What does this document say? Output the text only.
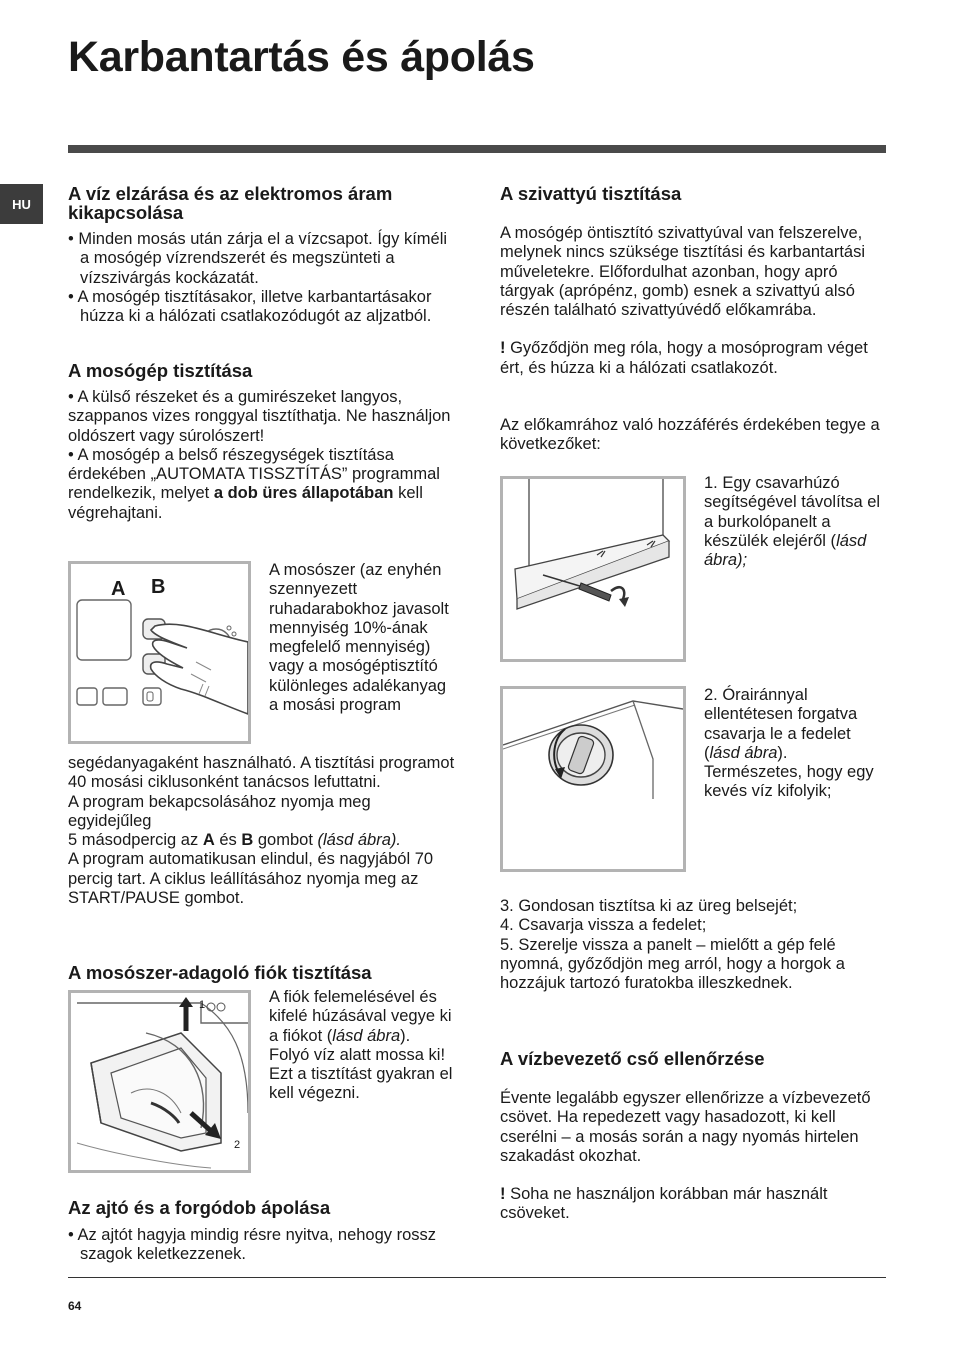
Karbantartás és ápolás
HU	A víz elzárása és az elektromos áram kikapcsolása

• Minden mosás után zárja el a vízcsapot. Így kíméli a mosógép vízrendszerét és megszünteti a vízszivárgás kockázatát.

• A mosógép tisztításakor, illetve karbantartásakor húzza ki a hálózati csatlakozódugót az aljzatból.

A mosógép tisztításа

• A külső részeket és a gumirészeket langyos, szappanos vizes ronggyal tisztíthatja. Ne használjon oldószert vagy súrolószert!

• A mosógép a belső részegységek tisztítása érdekében „AUTOMATA TISSZTÍTÁS” programmal rendelkezik, melyet a dob üres állapotában kell végrehajtani.

A B

A mosószer (az enyhén szennyezett ruhadarabokhoz javasolt mennyiség 10%-ának megfelelő mennyiség) vagy a mosógéptisztító különleges adalékanyag a mosási program

segédanyagaként használható. A tisztítási programot 40 mosási ciklusonként tanácsos lefuttatni.

A program bekapcsolásához nyomja meg egyidejűleg

5 másodpercig az A és B gombot (lásd ábra).

A program automatikusan elindul, és nagyjából 70 percig tart. A ciklus leállításához nyomja meg az START/PAUSE gombot.

A mosószer-adagoló fiók tisztítása
1
2

A fiók felemelésével és kifelé húzásával vegye ki a fiókot (lásd ábra).

Folyó víz alatt mossa ki! Ezt a tisztítást gyakran el kell végezni.

Az ajtó és a forgódob ápolása

• Az ajtót hagyja mindig résre nyitva, nehogy rossz szagok keletkezzenek.

A szivattyú tisztítása

A mosógép öntisztító szivattyúval van felszerelve, melynek nincs szüksége tisztítási és karbantartási műveletekre. Előfordulhat azonban, hogy apró tárgyak (aprópénz, gomb) esnek a szivattyú alsó részén található szivattyúvédő előkamrába.

! Győződjön meg róla, hogy a mosóprogram véget ért, és húzza ki a hálózati csatlakozót.

Az előkamrához való hozzáférés érdekében tegye a következőket:

1. Egy csavarhúzó segítségével távolítsa el a burkolópanelt a készülék elejéről (lásd ábra);

2. Órairánnyal ellentétesen forgatva csavarja le a fedelet (lásd ábra). Természetes, hogy egy kevés víz kifolyik;

3. Gondosan tisztítsa ki az üreg belsejét;

4. Csavarja vissza a fedelet;

5. Szerelje vissza a panelt – mielőtt a gép felé nyomná, győződjön meg arról, hogy a horgok a hozzájuk tartozó furatokba illeszkednek.

A vízbevezető cső ellenőrzése

Évente legalább egyszer ellenőrizze a vízbevezető csövet. Ha repedezett vagy hasadozott, ki kell cserélni – a mosás során a nagy nyomás hirtelen szakadást okozhat.

! Soha ne használjon korábban már használt csöveket.

64
